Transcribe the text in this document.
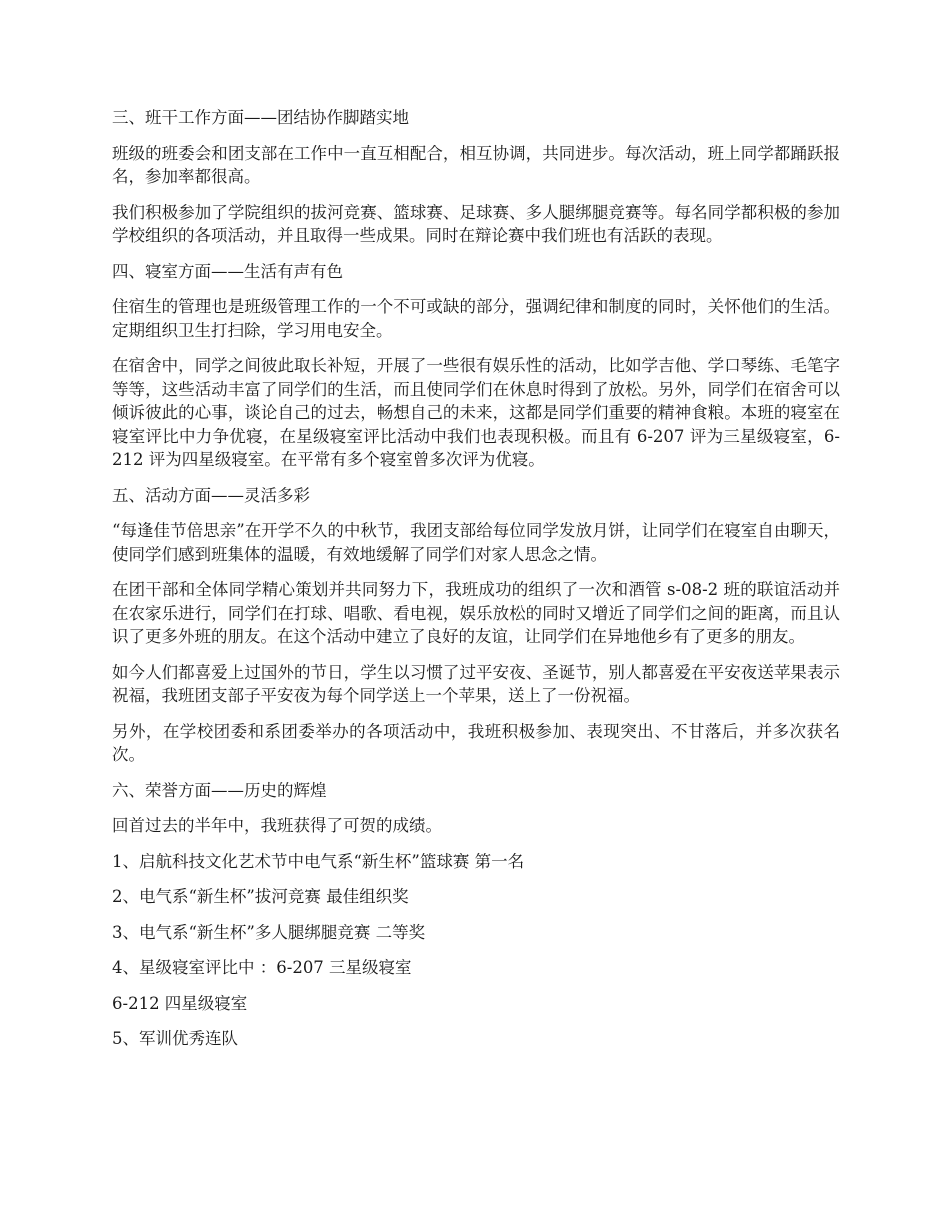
三、班干工作方面——团结协作脚踏实地

班级的班委会和团支部在工作中一直互相配合，相互协调，共同进步。每次活动，班上同学都踊跃报名，参加率都很高。

我们积极参加了学院组织的拔河竞赛、篮球赛、足球赛、多人腿绑腿竞赛等。每名同学都积极的参加学校组织的各项活动，并且取得一些成果。同时在辩论赛中我们班也有活跃的表现。

四、寝室方面——生活有声有色

住宿生的管理也是班级管理工作的一个不可或缺的部分，强调纪律和制度的同时，关怀他们的生活。定期组织卫生打扫除，学习用电安全。

在宿舍中，同学之间彼此取长补短，开展了一些很有娱乐性的活动，比如学吉他、学口琴练、毛笔字等等，这些活动丰富了同学们的生活，而且使同学们在休息时得到了放松。另外，同学们在宿舍可以倾诉彼此的心事，谈论自己的过去，畅想自己的未来，这都是同学们重要的精神食粮。本班的寝室在寝室评比中力争优寝，在星级寝室评比活动中我们也表现积极。而且有 6-207 评为三星级寝室，6-212 评为四星级寝室。在平常有多个寝室曾多次评为优寝。

五、活动方面——灵活多彩

“每逢佳节倍思亲”在开学不久的中秋节，我团支部给每位同学发放月饼，让同学们在寝室自由聊天，使同学们感到班集体的温暖，有效地缓解了同学们对家人思念之情。

在团干部和全体同学精心策划并共同努力下，我班成功的组织了一次和酒管 s-08-2 班的联谊活动并在农家乐进行，同学们在打球、唱歌、看电视，娱乐放松的同时又增近了同学们之间的距离，而且认识了更多外班的朋友。在这个活动中建立了良好的友谊，让同学们在异地他乡有了更多的朋友。

如今人们都喜爱上过国外的节日，学生以习惯了过平安夜、圣诞节，别人都喜爱在平安夜送苹果表示祝福，我班团支部子平安夜为每个同学送上一个苹果，送上了一份祝福。

另外，在学校团委和系团委举办的各项活动中，我班积极参加、表现突出、不甘落后，并多次获名次。

六、荣誉方面——历史的辉煌

回首过去的半年中，我班获得了可贺的成绩。

1、启航科技文化艺术节中电气系“新生杯”篮球赛 第一名

2、电气系“新生杯”拔河竞赛 最佳组织奖

3、电气系“新生杯”多人腿绑腿竞赛 二等奖

4、星级寝室评比中 ：6-207 三星级寝室

6-212 四星级寝室

5、军训优秀连队
